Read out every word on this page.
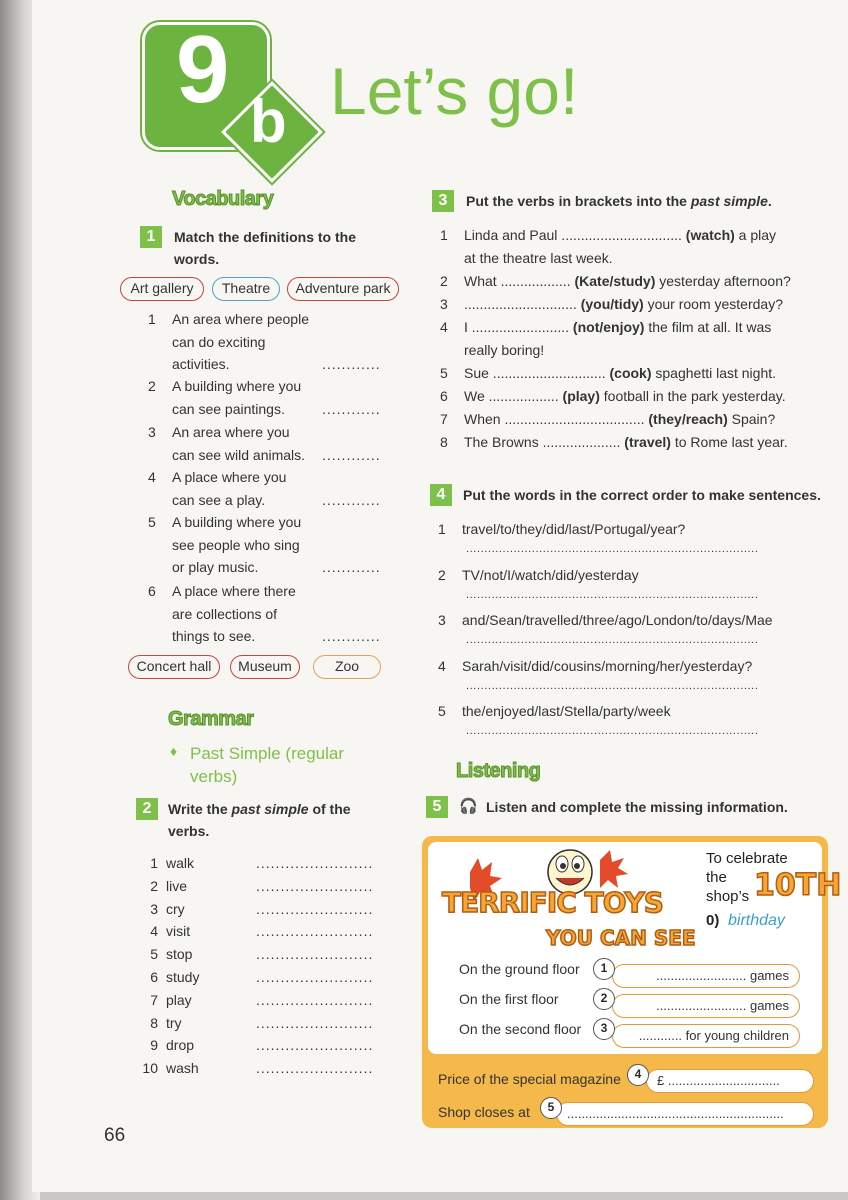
9 b Let’s go!
Vocabulary
1	Match the definitions to the
words.
Art gallery	Theatre	Adventure park
1 An area where people
can do exciting
activities.	............
2 A building where you
can see paintings.	............
3 An area where you
can see wild animals. ............
4 A place where you
can see a play.	............
5 A building where you
see people who sing
or play music.	............
6 A place where there
are collections of
things to see.	............
Concert hall	Museum	Zoo
Grammar
♦ Past Simple (regular
verbs)
2	Write the past simple of the
verbs.
1 walk	........................
2 live	........................
3 cry	........................
4 visit	........................
5 stop	........................
6 study	........................
7 play	........................
8 try	........................
9 drop	........................
10 wash	........................
66
3	Put the verbs in brackets into the past simple.
1 Linda and Paul ............................... (watch) a play
at the theatre last week.
2 What .................. (Kate/study) yesterday afternoon?
3 ............................. (you/tidy) your room yesterday?
4 I ......................... (not/enjoy) the film at all. It was
really boring!
5 Sue ............................. (cook) spaghetti last night.
6 We .................. (play) football in the park yesterday.
7 When .................................... (they/reach) Spain?
8 The Browns .................... (travel) to Rome last year.
4	Put the words in the correct order to make sentences.
1 travel/to/they/did/last/Portugal/year?
................................................................................
2 TV/not/I/watch/did/yesterday
................................................................................
3 and/Sean/travelled/three/ago/London/to/days/Mae
................................................................................
4 Sarah/visit/did/cousins/morning/her/yesterday?
................................................................................
5 the/enjoyed/last/Stella/party/week
................................................................................
Listening
5	🎧 Listen and complete the missing information.
TERRIFIC TOYS
YOU CAN SEE
To celebrate
the
shop’s 10TH
0) birthday
On the ground floor	......................... games
1
On the first floor	......................... games
2
On the second floor	............ for young children
3
Price of the special magazine	£ ...............................
4
Shop closes at	............................................................
5
